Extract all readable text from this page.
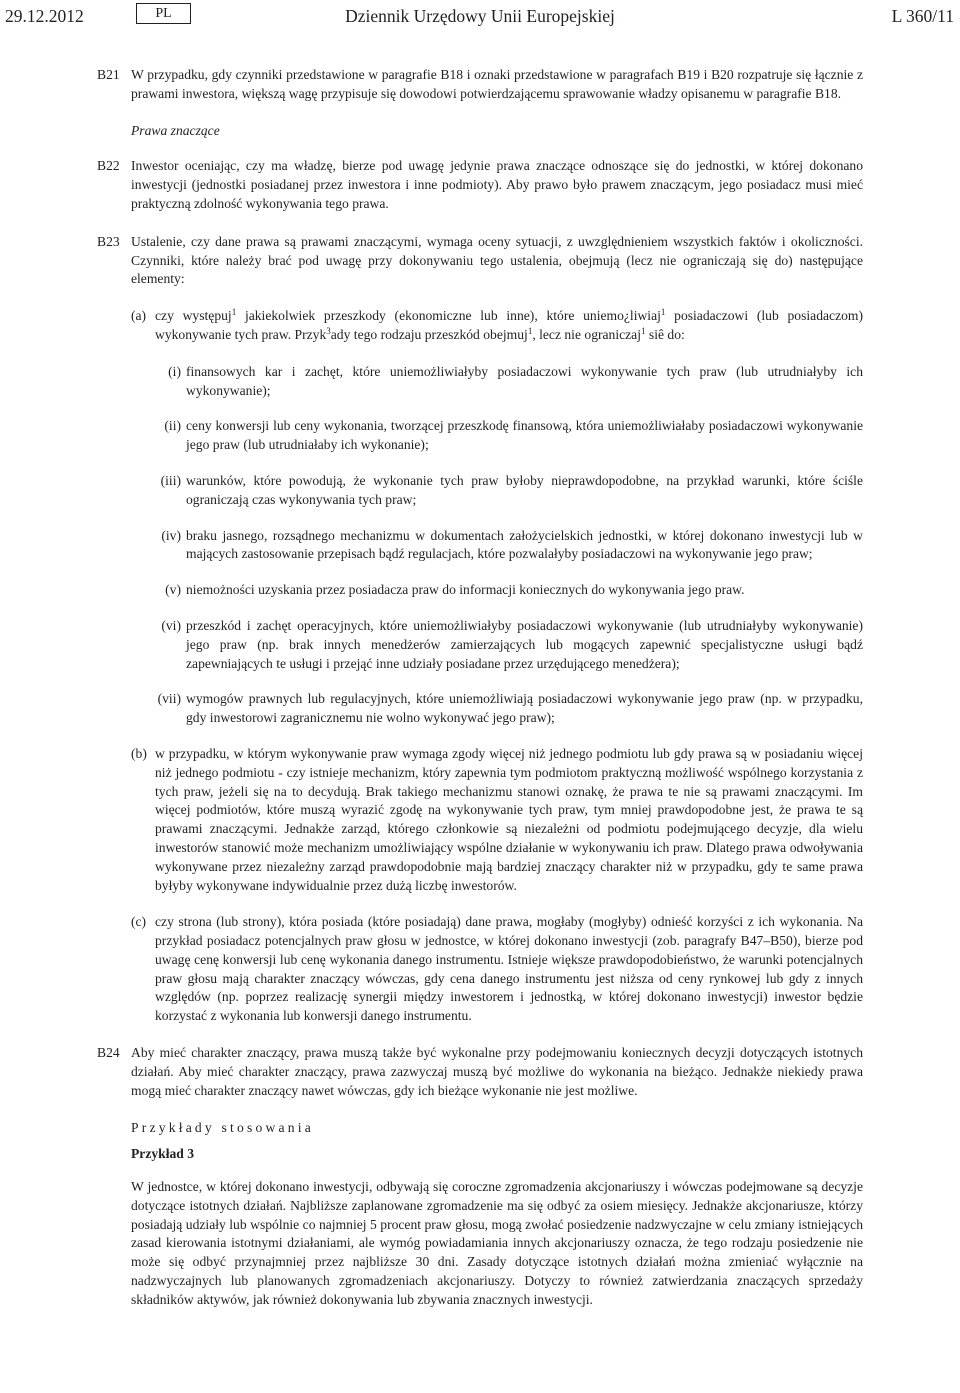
29.12.2012	PL	Dziennik Urzędowy Unii Europejskiej	L 360/11
B21 W przypadku, gdy czynniki przedstawione w paragrafie B18 i oznaki przedstawione w paragrafach B19 i B20 rozpatruje się łącznie z prawami inwestora, większą wagę przypisuje się dowodowi potwierdzającemu sprawowanie władzy opisanemu w paragrafie B18.

Prawa znaczące

B22 Inwestor oceniając, czy ma władzę, bierze pod uwagę jedynie prawa znaczące odnoszące się do jednostki, w której dokonano inwestycji (jednostki posiadanej przez inwestora i inne podmioty). Aby prawo było prawem znaczącym, jego posiadacz musi mieć praktyczną zdolność wykonywania tego prawa.

B23 Ustalenie, czy dane prawa są prawami znaczącymi, wymaga oceny sytuacji, z uwzględnieniem wszystkich faktów i okoliczności. Czynniki, które należy brać pod uwagę przy dokonywaniu tego ustalenia, obejmują (lecz nie ograniczają się do) następujące elementy:

(a) czy występuj$^1$ jakiekolwiek przeszkody (ekonomiczne lub inne), które uniemo¿liwiaj$^1$ posiadaczowi (lub posiadaczom) wykonywanie tych praw. Przyk$^3$ady tego rodzaju przeszkód obejmuj$^1$, lecz nie ograniczaj$^1$ siê do:

(i) finansowych kar i zachęt, które uniemożliwiałyby posiadaczowi wykonywanie tych praw (lub utrudniałyby ich wykonywanie);

(ii) ceny konwersji lub ceny wykonania, tworzącej przeszkodę finansową, która uniemożliwiałaby posiadaczowi wykonywanie jego praw (lub utrudniałaby ich wykonanie);

(iii) warunków, które powodują, że wykonanie tych praw byłoby nieprawdopodobne, na przykład warunki, które ściśle ograniczają czas wykonywania tych praw;

(iv) braku jasnego, rozsądnego mechanizmu w dokumentach założycielskich jednostki, w której dokonano inwestycji lub w mających zastosowanie przepisach bądź regulacjach, które pozwalałyby posiadaczowi na wykonywanie jego praw;

(v) niemożności uzyskania przez posiadacza praw do informacji koniecznych do wykonywania jego praw.

(vi) przeszkód i zachęt operacyjnych, które uniemożliwiałyby posiadaczowi wykonywanie (lub utrudniałyby wykonywanie) jego praw (np. brak innych menedżerów zamierzających lub mogących zapewnić specjalistyczne usługi bądź zapewniających te usługi i przejąć inne udziały posiadane przez urzędującego menedżera);

(vii) wymogów prawnych lub regulacyjnych, które uniemożliwiają posiadaczowi wykonywanie jego praw (np. w przypadku, gdy inwestorowi zagranicznemu nie wolno wykonywać jego praw);

(b) w przypadku, w którym wykonywanie praw wymaga zgody więcej niż jednego podmiotu lub gdy prawa są w posiadaniu więcej niż jednego podmiotu - czy istnieje mechanizm, który zapewnia tym podmiotom praktyczną możliwość wspólnego korzystania z tych praw, jeżeli się na to decydują. Brak takiego mechanizmu stanowi oznakę, że prawa te nie są prawami znaczącymi. Im więcej podmiotów, które muszą wyrazić zgodę na wykonywanie tych praw, tym mniej prawdopodobne jest, że prawa te są prawami znaczącymi. Jednakże zarząd, którego członkowie są niezależni od podmiotu podejmującego decyzje, dla wielu inwestorów stanowić może mechanizm umożliwiający wspólne działanie w wykonywaniu ich praw. Dlatego prawa odwoływania wykonywane przez niezależny zarząd prawdopodobnie mają bardziej znaczący charakter niż w przypadku, gdy te same prawa byłyby wykonywane indywidualnie przez dużą liczbę inwestorów.

(c) czy strona (lub strony), która posiada (które posiadają) dane prawa, mogłaby (mogłyby) odnieść korzyści z ich wykonania. Na przykład posiadacz potencjalnych praw głosu w jednostce, w której dokonano inwestycji (zob. paragrafy B47–B50), bierze pod uwagę cenę konwersji lub cenę wykonania danego instrumentu. Istnieje większe prawdopodobieństwo, że warunki potencjalnych praw głosu mają charakter znaczący wówczas, gdy cena danego instrumentu jest niższa od ceny rynkowej lub gdy z innych względów (np. poprzez realizację synergii między inwestorem i jednostką, w której dokonano inwestycji) inwestor będzie korzystać z wykonania lub konwersji danego instrumentu.

B24 Aby mieć charakter znaczący, prawa muszą także być wykonalne przy podejmowaniu koniecznych decyzji dotyczących istotnych działań. Aby mieć charakter znaczący, prawa zazwyczaj muszą być możliwe do wykonania na bieżąco. Jednakże niekiedy prawa mogą mieć charakter znaczący nawet wówczas, gdy ich bieżące wykonanie nie jest możliwe.

Przykłady stosowania

Przykład 3

W jednostce, w której dokonano inwestycji, odbywają się coroczne zgromadzenia akcjonariuszy i wówczas podejmowane są decyzje dotyczące istotnych działań. Najbliższe zaplanowane zgromadzenie ma się odbyć za osiem miesięcy. Jednakże akcjonariusze, którzy posiadają udziały lub wspólnie co najmniej 5 procent praw głosu, mogą zwołać posiedzenie nadzwyczajne w celu zmiany istniejących zasad kierowania istotnymi działaniami, ale wymóg powiadamiania innych akcjonariuszy oznacza, że tego rodzaju posiedzenie nie może się odbyć przynajmniej przez najbliższe 30 dni. Zasady dotyczące istotnych działań można zmieniać wyłącznie na nadzwyczajnych lub planowanych zgromadzeniach akcjonariuszy. Dotyczy to również zatwierdzania znaczących sprzedaży składników aktywów, jak również dokonywania lub zbywania znacznych inwestycji.
